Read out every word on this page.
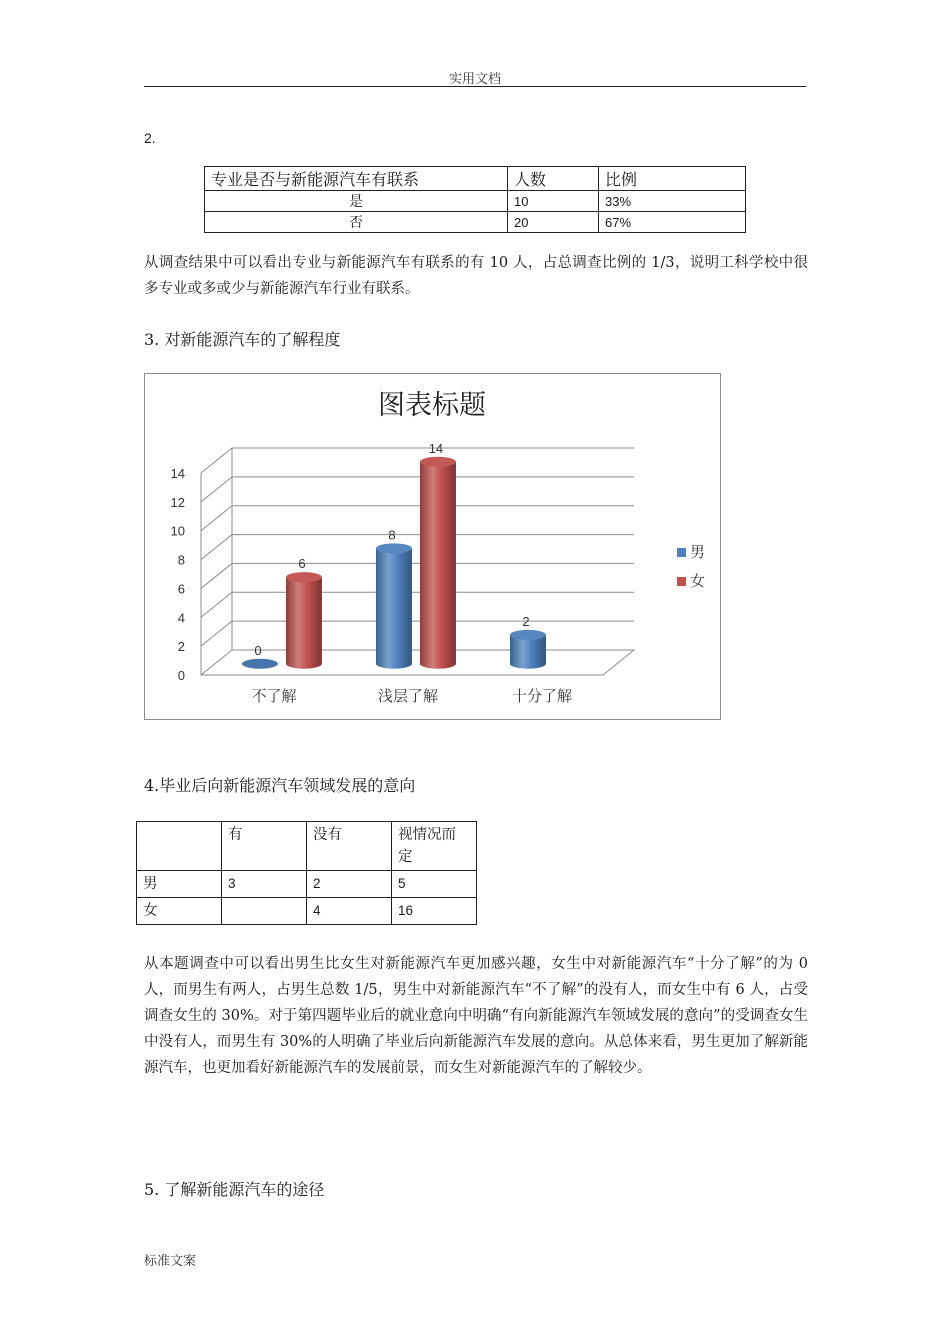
实用文档
2.
专业是否与新能源汽车有联系	人数	比例
是	10	33%
否	20	67%
从调查结果中可以看出专业与新能源汽车有联系的有 10 人，占总调查比例的 1/3，说明工科学校中很多专业或多或少与新能源汽车行业有联系。
3. 对新能源汽车的了解程度
图表标题
0
2
4
6
8
10
12
14
0
6
不了解
8
14
浅层了解
2
十分了解
男
女
4.毕业后向新能源汽车领域发展的意向
	有	没有	视情况而定
男	3	2	5
女		4	16
从本题调查中可以看出男生比女生对新能源汽车更加感兴趣，女生中对新能源汽车“十分了解”的为 0 人，而男生有两人，占男生总数 1/5，男生中对新能源汽车“不了解”的没有人，而女生中有 6 人，占受调查女生的 30%。对于第四题毕业后的就业意向中明确“有向新能源汽车领域发展的意向”的受调查女生中没有人，而男生有 30%的人明确了毕业后向新能源汽车发展的意向。从总体来看，男生更加了解新能源汽车，也更加看好新能源汽车的发展前景，而女生对新能源汽车的了解较少。
5. 了解新能源汽车的途径
标准文案
